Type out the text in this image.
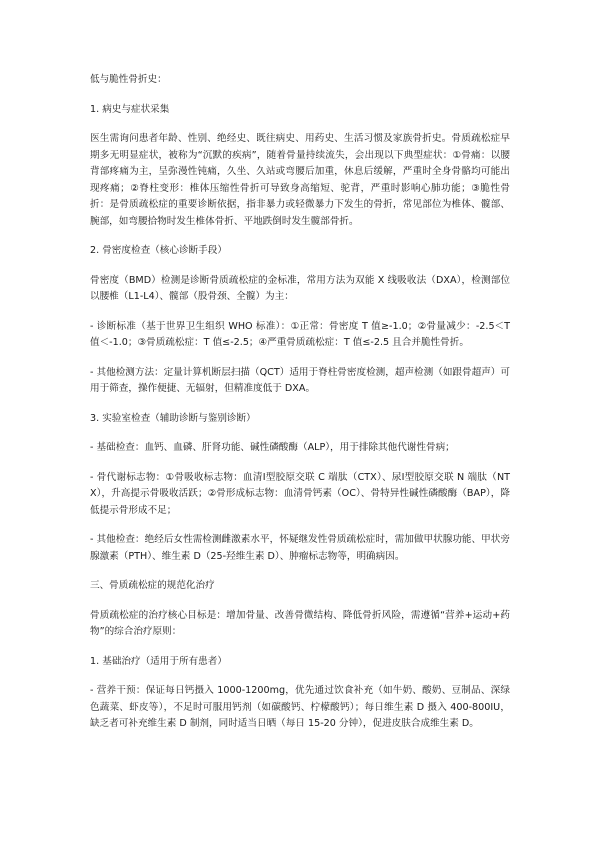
低与脆性骨折史：

1. 病史与症状采集

医生需询问患者年龄、性别、绝经史、既往病史、用药史、生活习惯及家族骨折史。骨质疏松症早期多无明显症状，被称为“沉默的疾病”，随着骨量持续流失，会出现以下典型症状：①骨痛：以腰背部疼痛为主，呈弥漫性钝痛，久坐、久站或弯腰后加重，休息后缓解，严重时全身骨骼均可能出现疼痛；②脊柱变形：椎体压缩性骨折可导致身高缩短、驼背，严重时影响心肺功能；③脆性骨折：是骨质疏松症的重要诊断依据，指非暴力或轻微暴力下发生的骨折，常见部位为椎体、髋部、腕部，如弯腰拾物时发生椎体骨折、平地跌倒时发生髋部骨折。

2. 骨密度检查（核心诊断手段）

骨密度（BMD）检测是诊断骨质疏松症的金标准，常用方法为双能 X 线吸收法（DXA），检测部位以腰椎（L1-L4）、髋部（股骨颈、全髋）为主：

- 诊断标准（基于世界卫生组织 WHO 标准）：①正常：骨密度 T 值≥-1.0；②骨量减少：-2.5＜T 值＜-1.0；③骨质疏松症：T 值≤-2.5；④严重骨质疏松症：T 值≤-2.5 且合并脆性骨折。

- 其他检测方法：定量计算机断层扫描（QCT）适用于脊柱骨密度检测，超声检测（如跟骨超声）可用于筛查，操作便捷、无辐射，但精准度低于 DXA。

3. 实验室检查（辅助诊断与鉴别诊断）

- 基础检查：血钙、血磷、肝肾功能、碱性磷酸酶（ALP），用于排除其他代谢性骨病；

- 骨代谢标志物：①骨吸收标志物：血清Ⅰ型胶原交联 C 端肽（CTX）、尿Ⅰ型胶原交联 N 端肽（NTX），升高提示骨吸收活跃；②骨形成标志物：血清骨钙素（OC）、骨特异性碱性磷酸酶（BAP），降低提示骨形成不足；

- 其他检查：绝经后女性需检测雌激素水平，怀疑继发性骨质疏松症时，需加做甲状腺功能、甲状旁腺激素（PTH）、维生素 D（25-羟维生素 D）、肿瘤标志物等，明确病因。

三、骨质疏松症的规范化治疗

骨质疏松症的治疗核心目标是：增加骨量、改善骨微结构、降低骨折风险，需遵循“营养+运动+药物”的综合治疗原则：

1. 基础治疗（适用于所有患者）

- 营养干预：保证每日钙摄入 1000-1200mg，优先通过饮食补充（如牛奶、酸奶、豆制品、深绿色蔬菜、虾皮等），不足时可服用钙剂（如碳酸钙、柠檬酸钙）；每日维生素 D 摄入 400-800IU，缺乏者可补充维生素 D 制剂，同时适当日晒（每日 15-20 分钟），促进皮肤合成维生素 D。
